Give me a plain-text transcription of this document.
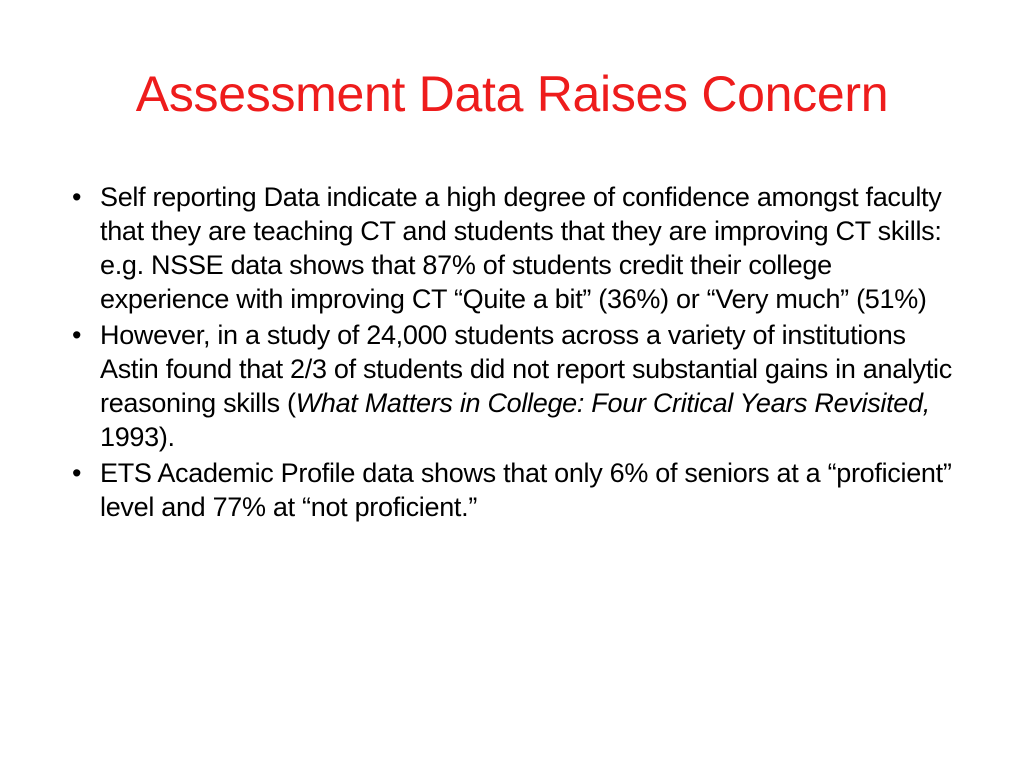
Assessment Data Raises Concern
• Self reporting Data indicate a high degree of confidence amongst faculty that they are teaching CT and students that they are improving CT skills: e.g. NSSE data shows that 87% of students credit their college experience with improving CT “Quite a bit” (36%) or “Very much” (51%)
• However, in a study of 24,000 students across a variety of institutions Astin found that 2/3 of students did not report substantial gains in analytic reasoning skills (What Matters in College: Four Critical Years Revisited, 1993).
• ETS Academic Profile data shows that only 6% of seniors at a “proficient” level and 77% at “not proficient.”
